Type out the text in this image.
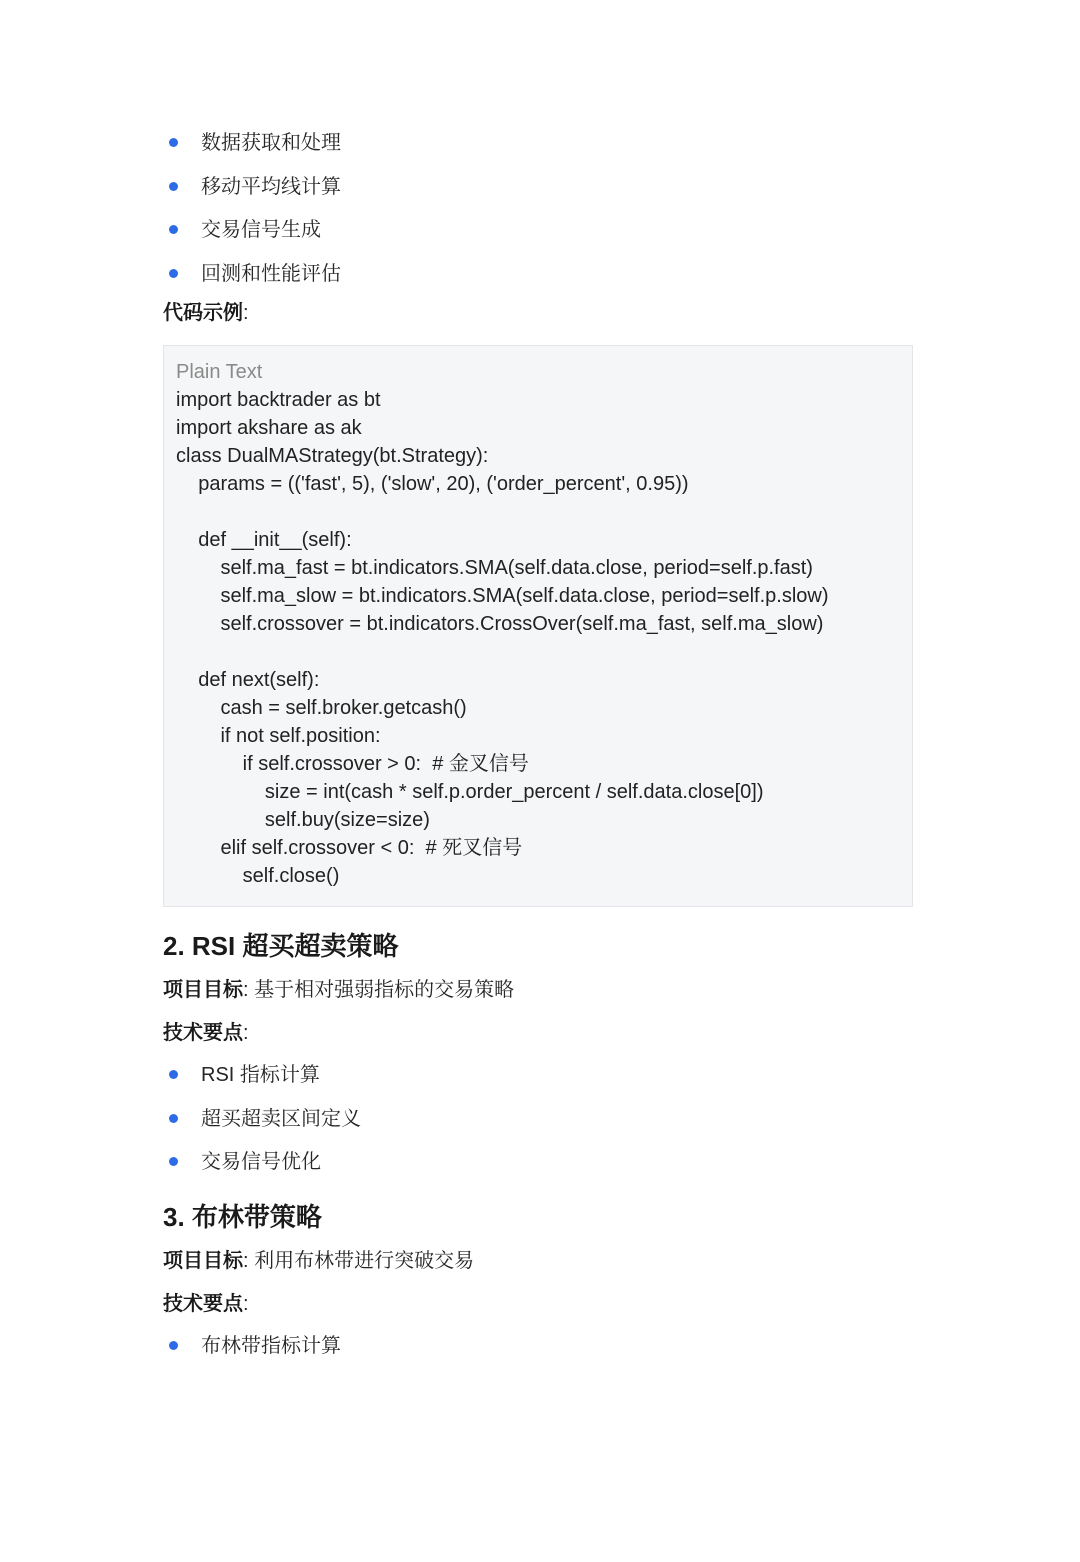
数据获取和处理
移动平均线计算
交易信号生成
回测和性能评估
代码示例:
Plain Text
import backtrader as bt
import akshare as ak
class DualMAStrategy(bt.Strategy):
params = (('fast', 5), ('slow', 20), ('order_percent', 0.95))
def __init__(self):
self.ma_fast = bt.indicators.SMA(self.data.close, period=self.p.fast)
self.ma_slow = bt.indicators.SMA(self.data.close, period=self.p.slow)
self.crossover = bt.indicators.CrossOver(self.ma_fast, self.ma_slow)
def next(self):
cash = self.broker.getcash()
if not self.position:
if self.crossover > 0:  # 金叉信号
size = int(cash * self.p.order_percent / self.data.close[0])
self.buy(size=size)
elif self.crossover < 0:  # 死叉信号
self.close()
2. RSI 超买超卖策略
项目目标: 基于相对强弱指标的交易策略
技术要点:
RSI 指标计算
超买超卖区间定义
交易信号优化
3. 布林带策略
项目目标: 利用布林带进行突破交易
技术要点:
布林带指标计算
